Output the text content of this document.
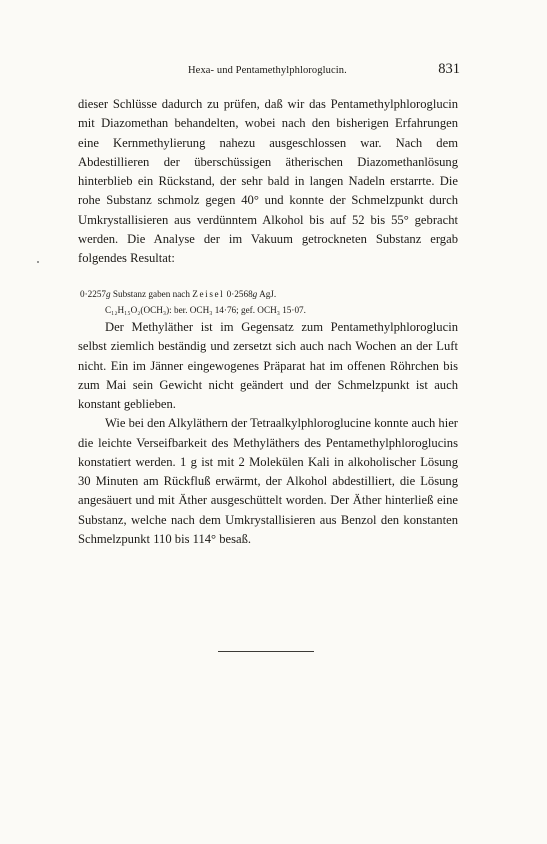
Hexa- und Pentamethylphloroglucin.	831

dieser Schlüsse dadurch zu prüfen, daß wir das Pentamethylphloroglucin mit Diazomethan behandelten, wobei nach den bisherigen Erfahrungen eine Kernmethylierung nahezu ausgeschlossen war. Nach dem Abdestillieren der überschüssigen ätherischen Diazomethanlösung hinterblieb ein Rückstand, der sehr bald in langen Nadeln erstarrte. Die rohe Substanz schmolz gegen 40° und konnte der Schmelzpunkt durch Umkrystallisieren aus verdünntem Alkohol bis auf 52 bis 55° gebracht werden. Die Analyse der im Vakuum getrockneten Substanz ergab folgendes Resultat:

0·2257g Substanz gaben nach Zeisel 0·2568g AgJ.
C₁₂H₁₅O₂(OCH₃): ber. OCH₃ 14·76; gef. OCH₃ 15·07.

Der Methyläther ist im Gegensatz zum Pentamethylphloroglucin selbst ziemlich beständig und zersetzt sich auch nach Wochen an der Luft nicht. Ein im Jänner eingewogenes Präparat hat im offenen Röhrchen bis zum Mai sein Gewicht nicht geändert und der Schmelzpunkt ist auch konstant geblieben.

Wie bei den Alkyläthern der Tetraalkylphloroglucine konnte auch hier die leichte Verseifbarkeit des Methyläthers des Pentamethylphloroglucins konstatiert werden. 1 g ist mit 2 Molekülen Kali in alkoholischer Lösung 30 Minuten am Rückfluß erwärmt, der Alkohol abdestilliert, die Lösung angesäuert und mit Äther ausgeschüttelt worden. Der Äther hinterließ eine Substanz, welche nach dem Umkrystallisieren aus Benzol den konstanten Schmelzpunkt 110 bis 114° besaß.
